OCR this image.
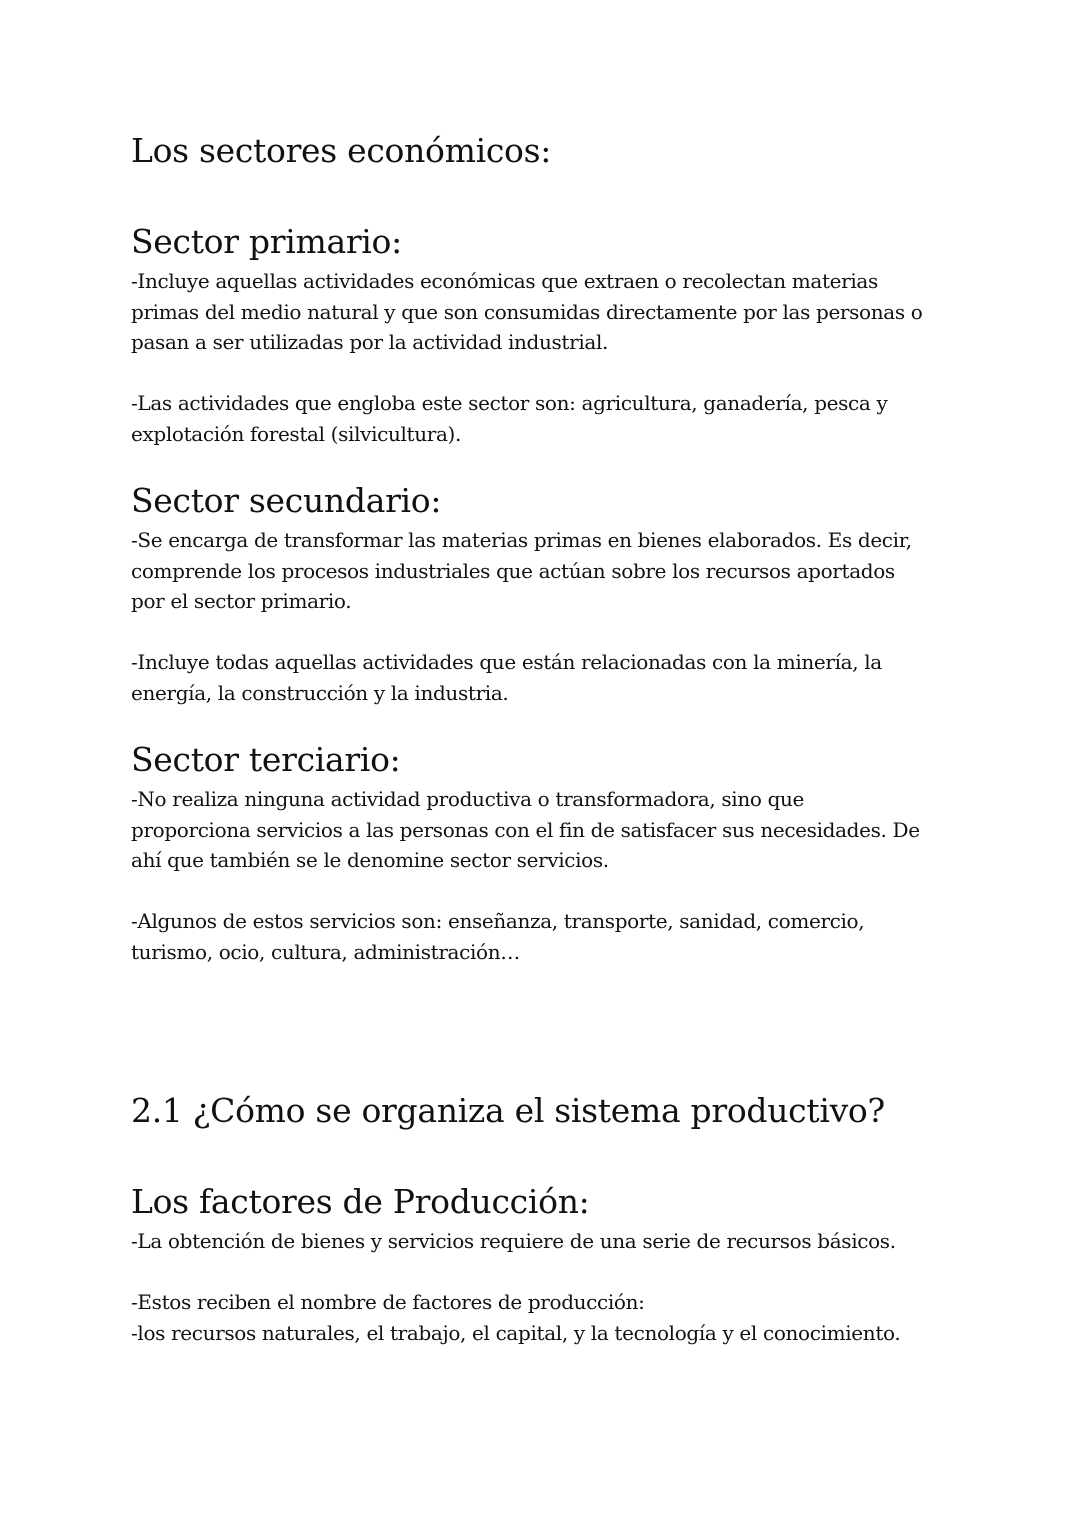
Los sectores económicos:
Sector primario:

-Incluye aquellas actividades económicas que extraen o recolectan materias
primas del medio natural y que son consumidas directamente por las personas o
pasan a ser utilizadas por la actividad industrial.

-Las actividades que engloba este sector son: agricultura, ganadería, pesca y
explotación forestal (silvicultura).

Sector secundario:

-Se encarga de transformar las materias primas en bienes elaborados. Es decir,
comprende los procesos industriales que actúan sobre los recursos aportados
por el sector primario.

-Incluye todas aquellas actividades que están relacionadas con la minería, la
energía, la construcción y la industria.

Sector terciario:

-No realiza ninguna actividad productiva o transformadora, sino que
proporciona servicios a las personas con el fin de satisfacer sus necesidades. De
ahí que también se le denomine sector servicios.

-Algunos de estos servicios son: enseñanza, transporte, sanidad, comercio,
turismo, ocio, cultura, administración…

2.1 ¿Cómo se organiza el sistema productivo?
Los factores de Producción:

-La obtención de bienes y servicios requiere de una serie de recursos básicos.

-Estos reciben el nombre de factores de producción:
-los recursos naturales, el trabajo, el capital, y la tecnología y el conocimiento.
